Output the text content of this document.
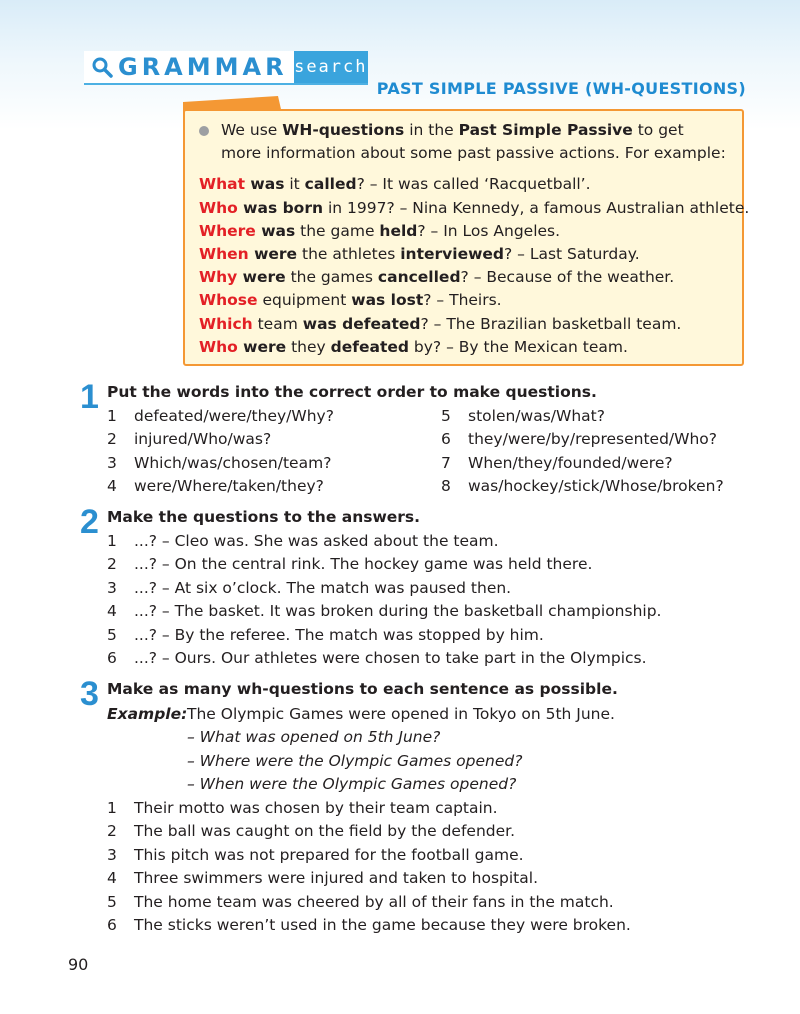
GRAMMAR search
PAST SIMPLE PASSIVE (WH-QUESTIONS)
We use WH-questions in the Past Simple Passive to get more information about some past passive actions. For example:
What was it called? – It was called ‘Racquetball’.
Who was born in 1997? – Nina Kennedy, a famous Australian athlete.
Where was the game held? – In Los Angeles.
When were the athletes interviewed? – Last Saturday.
Why were the games cancelled? – Because of the weather.
Whose equipment was lost? – Theirs.
Which team was defeated? – The Brazilian basketball team.
Who were they defeated by? – By the Mexican team.
1 Put the words into the correct order to make questions.
1	defeated/were/they/Why?
2	injured/Who/was?
3	Which/was/chosen/team?
4	were/Where/taken/they?
5	stolen/was/What?
6	they/were/by/represented/Who?
7	When/they/founded/were?
8	was/hockey/stick/Whose/broken?
2 Make the questions to the answers.
1	...? – Cleo was. She was asked about the team.
2	...? – On the central rink. The hockey game was held there.
3	...? – At six o’clock. The match was paused then.
4	...? – The basket. It was broken during the basketball championship.
5	...? – By the referee. The match was stopped by him.
6	...? – Ours. Our athletes were chosen to take part in the Olympics.
3 Make as many wh-questions to each sentence as possible.
Example:The Olympic Games were opened in Tokyo on 5th June.
– What was opened on 5th June?
– Where were the Olympic Games opened?
– When were the Olympic Games opened?
1	Their motto was chosen by their team captain.
2	The ball was caught on the field by the defender.
3	This pitch was not prepared for the football game.
4	Three swimmers were injured and taken to hospital.
5	The home team was cheered by all of their fans in the match.
6	The sticks weren’t used in the game because they were broken.
90
